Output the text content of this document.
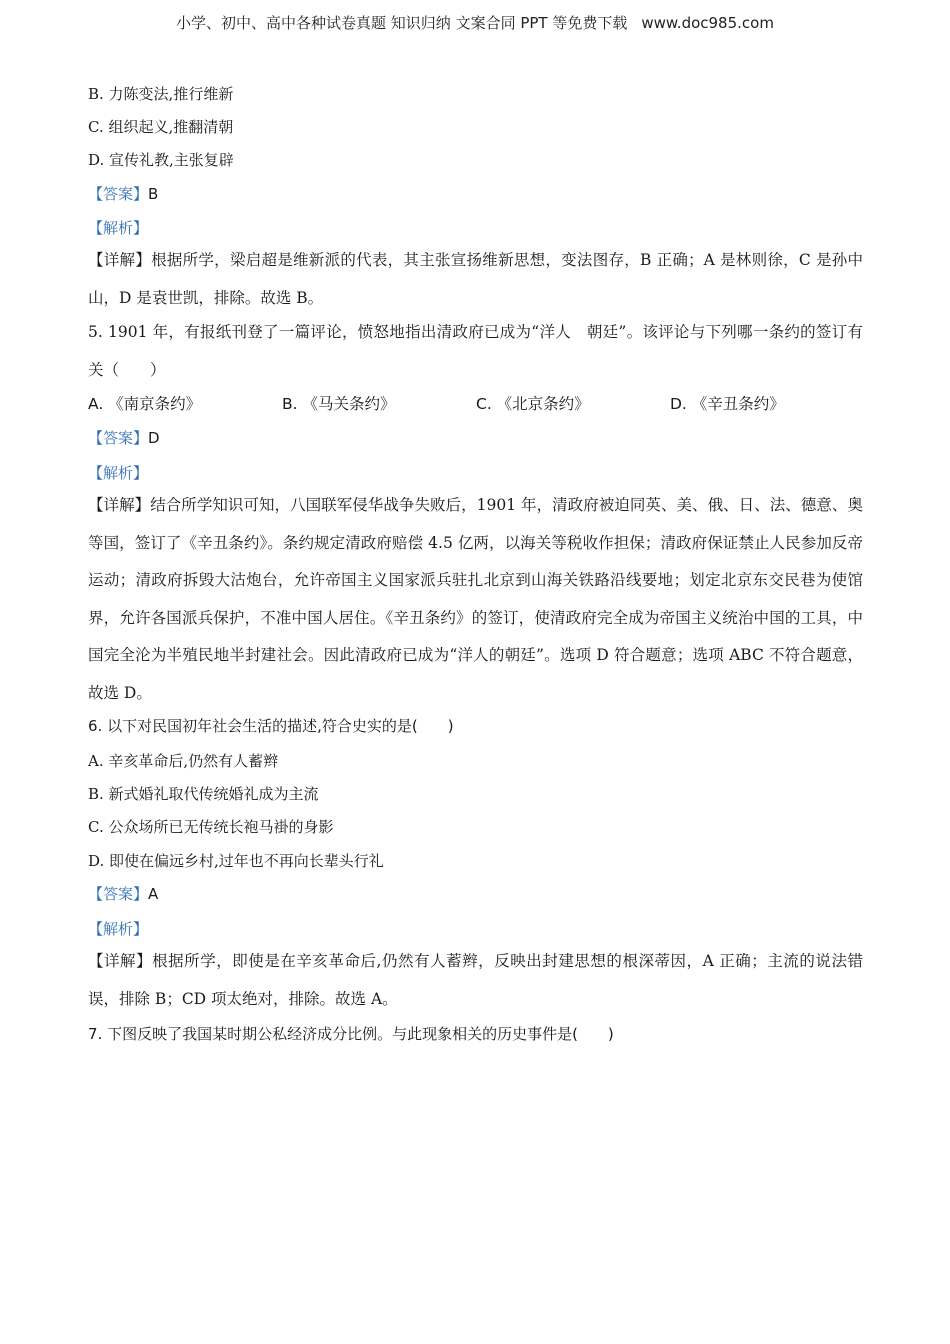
小学、初中、高中各种试卷真题 知识归纳 文案合同 PPT 等免费下载 www.doc985.com
B. 力陈变法,推行维新
C. 组织起义,推翻清朝
D. 宣传礼教,主张复辟
【答案】B
【解析】
【详解】根据所学，梁启超是维新派的代表，其主张宣扬维新思想，变法图存，B 正确；A 是林则徐，C 是孙中山，D 是袁世凯，排除。故选 B。
5. 1901 年，有报纸刊登了一篇评论，愤怒地指出清政府已成为“洋人　朝廷”。该评论与下列哪一条约的签订有关（　　）
A. 《南京条约》	B. 《马关条约》	C. 《北京条约》	D. 《辛丑条约》
【答案】D
【解析】
【详解】结合所学知识可知，八国联军侵华战争失败后，1901 年，清政府被迫同英、美、俄、日、法、德意、奥等国，签订了《辛丑条约》。条约规定清政府赔偿 4.5 亿两，以海关等税收作担保；清政府保证禁止人民参加反帝运动；清政府拆毁大沽炮台，允许帝国主义国家派兵驻扎北京到山海关铁路沿线要地；划定北京东交民巷为使馆界，允许各国派兵保护，不准中国人居住。《辛丑条约》的签订，使清政府完全成为帝国主义统治中国的工具，中国完全沦为半殖民地半封建社会。因此清政府已成为“洋人的朝廷”。选项 D 符合题意；选项 ABC 不符合题意，故选 D。
6. 以下对民国初年社会生活的描述,符合史实的是(　　)
A. 辛亥革命后,仍然有人蓄辫
B. 新式婚礼取代传统婚礼成为主流
C. 公众场所已无传统长袍马褂的身影
D. 即使在偏远乡村,过年也不再向长辈头行礼
【答案】A
【解析】
【详解】根据所学，即使是在辛亥革命后,仍然有人蓄辫，反映出封建思想的根深蒂因，A 正确；主流的说法错误，排除 B；CD 项太绝对，排除。故选 A。
7. 下图反映了我国某时期公私经济成分比例。与此现象相关的历史事件是(　　)
